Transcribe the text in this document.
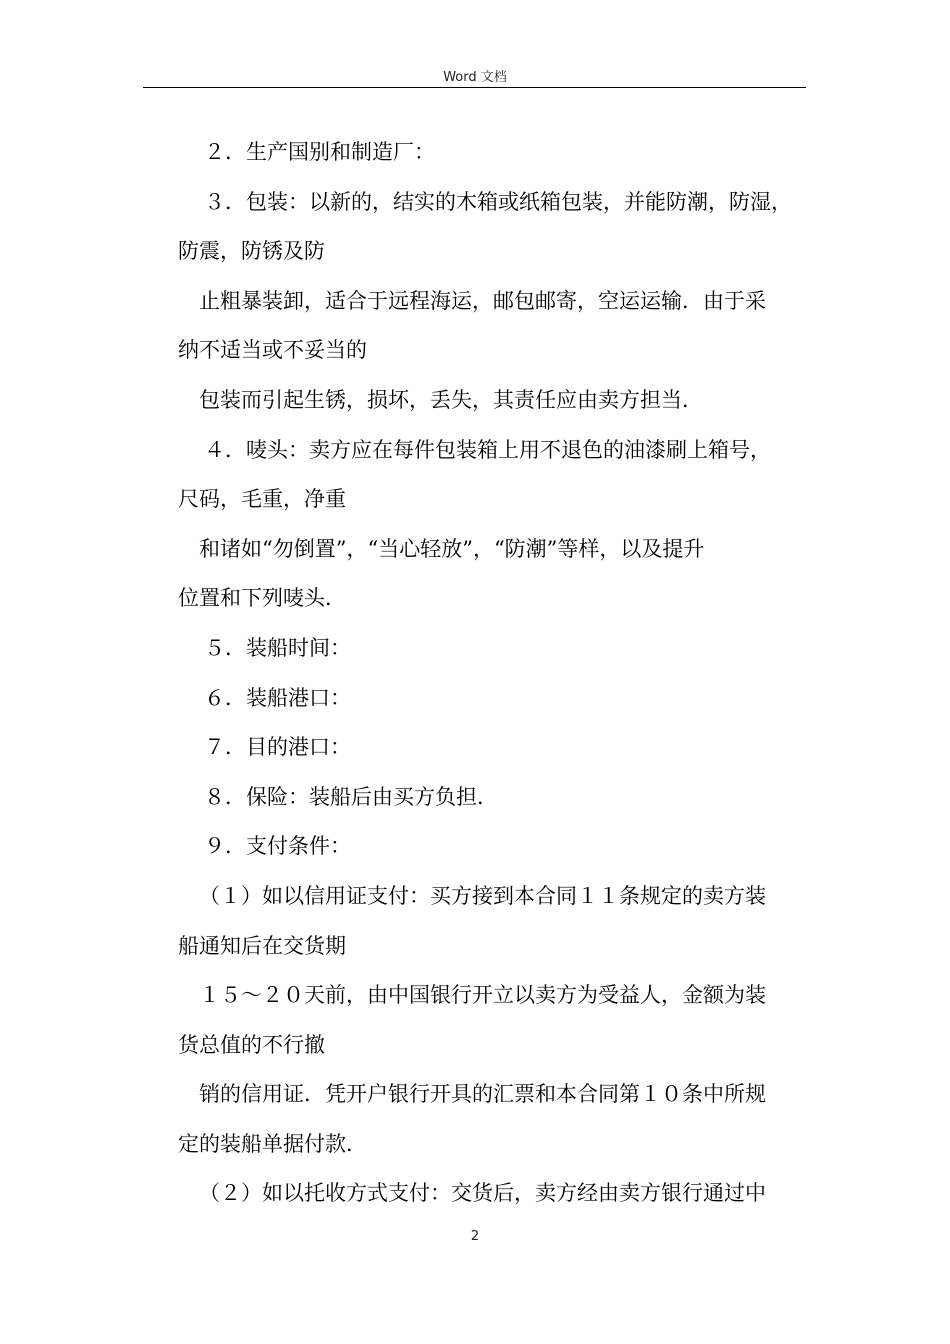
Word 文档
２．生产国别和制造厂：
３．包装：以新的，结实的木箱或纸箱包装，并能防潮，防湿，
防震，防锈及防
止粗暴装卸，适合于远程海运，邮包邮寄，空运运输．由于采
纳不适当或不妥当的
包装而引起生锈，损坏，丢失，其责任应由卖方担当．
４．唛头：卖方应在每件包装箱上用不退色的油漆刷上箱号，
尺码，毛重，净重
和诸如“勿倒置”，“当心轻放”，“防潮”等样，以及提升
位置和下列唛头．
５．装船时间：
６．装船港口：
７．目的港口：
８．保险：装船后由买方负担．
９．支付条件：
（１）如以信用证支付：买方接到本合同１１条规定的卖方装
船通知后在交货期
１５～２０天前，由中国银行开立以卖方为受益人，金额为装
货总值的不行撤
销的信用证．凭开户银行开具的汇票和本合同第１０条中所规
定的装船单据付款．
（２）如以托收方式支付：交货后，卖方经由卖方银行通过中
2
